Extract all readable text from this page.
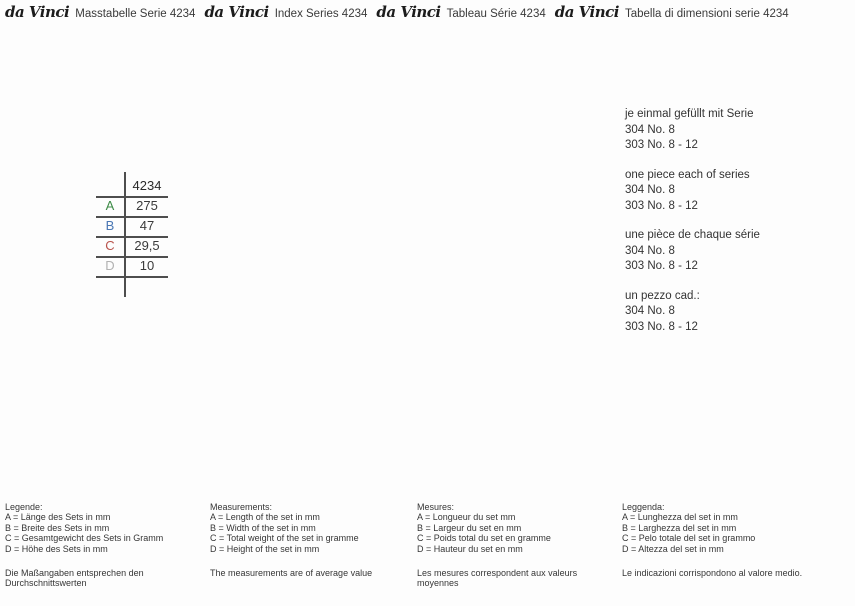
da Vinci Masstabelle Serie 4234 da Vinci Index Series 4234 da Vinci Tableau Série 4234 da Vinci Tabella di dimensioni serie 4234
4234
A	275
B	47
C	29,5
D	10
je einmal gefüllt mit Serie
304 No. 8
303 No. 8 - 12
one piece each of series
304 No. 8
303 No. 8 - 12
une pièce de chaque série
304 No. 8
303 No. 8 - 12
un pezzo cad.:
304 No. 8
303 No. 8 - 12
Legende:
A = Länge des Sets in mm
B = Breite des Sets in mm
C = Gesamtgewicht des Sets in Gramm
D = Höhe des Sets in mm
Die Maßangaben entsprechen den
Durchschnittswerten
Measurements:
A = Length of the set in mm
B = Width of the set in mm
C = Total weight of the set in gramme
D = Height of the set in mm
The measurements are of average value
Mesures:
A = Longueur du set mm
B = Largeur du set en mm
C = Poids total du set en gramme
D = Hauteur du set en mm
Les mesures correspondent aux valeurs
moyennes
Leggenda:
A = Lunghezza del set in mm
B = Larghezza del set in mm
C = Pelo totale del set in grammo
D = Altezza del set in mm
Le indicazioni corrispondono al valore medio.
